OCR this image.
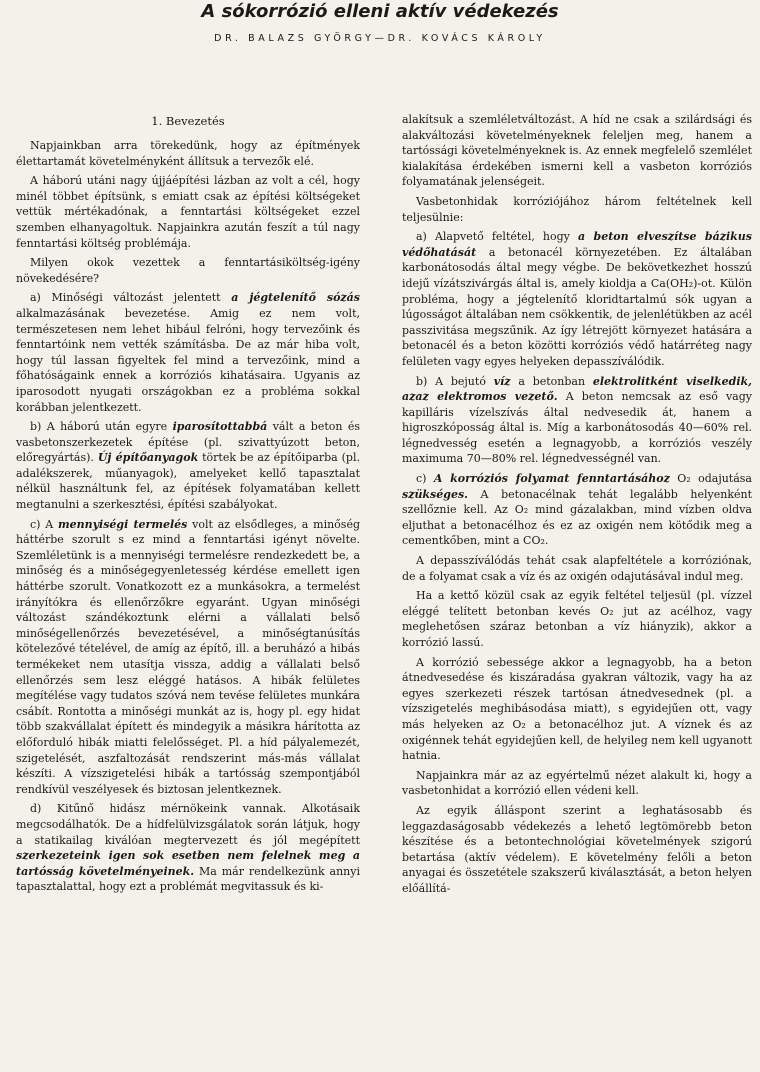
A sókorrózió elleni aktív védekezés
DR. BALAZS GYÖRGY—DR. KOVÁCS KÁROLY
1. Bevezetés

Napjainkban arra törekedünk, hogy az építmények élettartamát követelményként állítsuk a tervezők elé.

A háború utáni nagy újjáépítési lázban az volt a cél, hogy minél többet építsünk, s emiatt csak az építési költségeket vettük mértékadónak, a fenntartási költségeket ezzel szemben elhanyagoltuk. Napjainkra azután feszít a túl nagy fenntartási költség problémája.

Milyen okok vezettek a fenntartásiköltség-igény növekedésére?

a) Minőségi változást jelentett a jégtelenítő sózás alkalmazásának bevezetése. Amig ez nem volt, természetesen nem lehet hibául felróni, hogy tervezőink és fenntartóink nem vették számításba. De az már hiba volt, hogy túl lassan figyeltek fel mind a tervezőink, mind a főhatóságaink ennek a korróziós kihatásaira. Ugyanis az iparosodott nyugati országokban ez a probléma sokkal korábban jelentkezett.

b) A háború után egyre iparosítottabbá vált a beton és vasbetonszerkezetek építése (pl. szivattyúzott beton, előregyártás). Új építőanyagok törtek be az építőiparba (pl. adalékszerek, műanyagok), amelyeket kellő tapasztalat nélkül használtunk fel, az építések folyamatában kellett megtanulni a szerkesztési, építési szabályokat.

c) A mennyiségi termelés volt az elsődleges, a minőség háttérbe szorult s ez mind a fenntartási igényt növelte. Szemléletünk is a mennyiségi termelésre rendezkedett be, a minőség és a minőségegyenletesség kérdése emellett igen háttérbe szorult. Vonatkozott ez a munkásokra, a termelést irányítókra és ellenőrzőkre egyaránt. Ugyan minőségi változást szándékoztunk elérni a vállalati belső minőségellenőrzés bevezetésével, a minőségtanúsítás kötelezővé tételével, de amíg az építő, ill. a beruházó a hibás termékeket nem utasítja vissza, addig a vállalati belső ellenőrzés sem lesz eléggé hatásos. A hibák felületes megítélése vagy tudatos szóvá nem tevése felületes munkára csábít. Rontotta a minőségi munkát az is, hogy pl. egy hidat több szakvállalat épített és mindegyik a másikra hárította az előforduló hibák miatti felelősséget. Pl. a híd pályalemezét, szigetelését, aszfaltozását rendszerint más-más vállalat készíti. A vízszigetelési hibák a tartósság szempontjából rendkívül veszélyesek és biztosan jelentkeznek.

d) Kitűnő hidász mérnökeink vannak. Alkotásaik megcsodálhatók. De a hídfelülvizsgálatok során látjuk, hogy a statikailag kiválóan megtervezett és jól megépített szerkezeteink igen sok esetben nem felelnek meg a tartósság követelményeinek. Ma már rendelkezünk annyi tapasztalattal, hogy ezt a problémát megvitassuk és ki-

alakítsuk a szemléletváltozást. A híd ne csak a szilárdsági és alakváltozási követelményeknek feleljen meg, hanem a tartóssági követelményeknek is. Az ennek megfelelő szemlélet kialakítása érdekében ismerni kell a vasbeton korróziós folyamatának jelenségeit.

Vasbetonhidak korróziójához három feltételnek kell teljesülnie:

a) Alapvető feltétel, hogy a beton elveszítse bázikus védőhatását a betonacél környezetében. Ez általában karbonátosodás által megy végbe. De bekövetkezhet hosszú idejű vízátszivárgás által is, amely kioldja a Ca(OH₂)-ot. Külön probléma, hogy a jégtelenítő kloridtartalmú sók ugyan a lúgosságot általában nem csökkentik, de jelenlétükben az acél passzivitása megszűnik. Az így létrejött környezet hatására a betonacél és a beton közötti korróziós védő határréteg nagy felületen vagy egyes helyeken depasszíválódik.

b) A bejutó víz a betonban elektrolitként viselkedik, azaz elektromos vezető. A beton nemcsak az eső vagy kapilláris vízelszívás által nedvesedik át, hanem a higroszkóposság által is. Míg a karbonátosodás 40—60% rel. légnedvesség esetén a legnagyobb, a korróziós veszély maximuma 70—80% rel. légnedvességnél van.

c) A korróziós folyamat fenntartásához O₂ odajutása szükséges. A betonacélnak tehát legalább helyenként szellőznie kell. Az O₂ mind gázalakban, mind vízben oldva eljuthat a betonacélhoz és ez az oxigén nem kötődik meg a cementkőben, mint a CO₂.

A depasszíválódás tehát csak alapfeltétele a korróziónak, de a folyamat csak a víz és az oxigén odajutásával indul meg.

Ha a kettő közül csak az egyik feltétel teljesül (pl. vízzel eléggé telített betonban kevés O₂ jut az acélhoz, vagy meglehetősen száraz betonban a víz hiányzik), akkor a korrózió lassú.

A korrózió sebessége akkor a legnagyobb, ha a beton átnedvesedése és kiszáradása gyakran változik, vagy ha az egyes szerkezeti részek tartósan átnedvesednek (pl. a vízszigetelés meghibásodása miatt), s egyidejűen ott, vagy más helyeken az O₂ a betonacélhoz jut. A víznek és az oxigénnek tehát egyidejűen kell, de helyileg nem kell ugyanott hatnia.

Napjainkra már az az egyértelmű nézet alakult ki, hogy a vasbetonhidat a korrózió ellen védeni kell.

Az egyik álláspont szerint a leghatásosabb és leggazdaságosabb védekezés a lehető legtömörebb beton készítése és a betontechnológiai követelmények szigorú betartása (aktív védelem). E követelmény felőli a beton anyagai és összetétele szakszerű kiválasztását, a beton helyen előállítá-
